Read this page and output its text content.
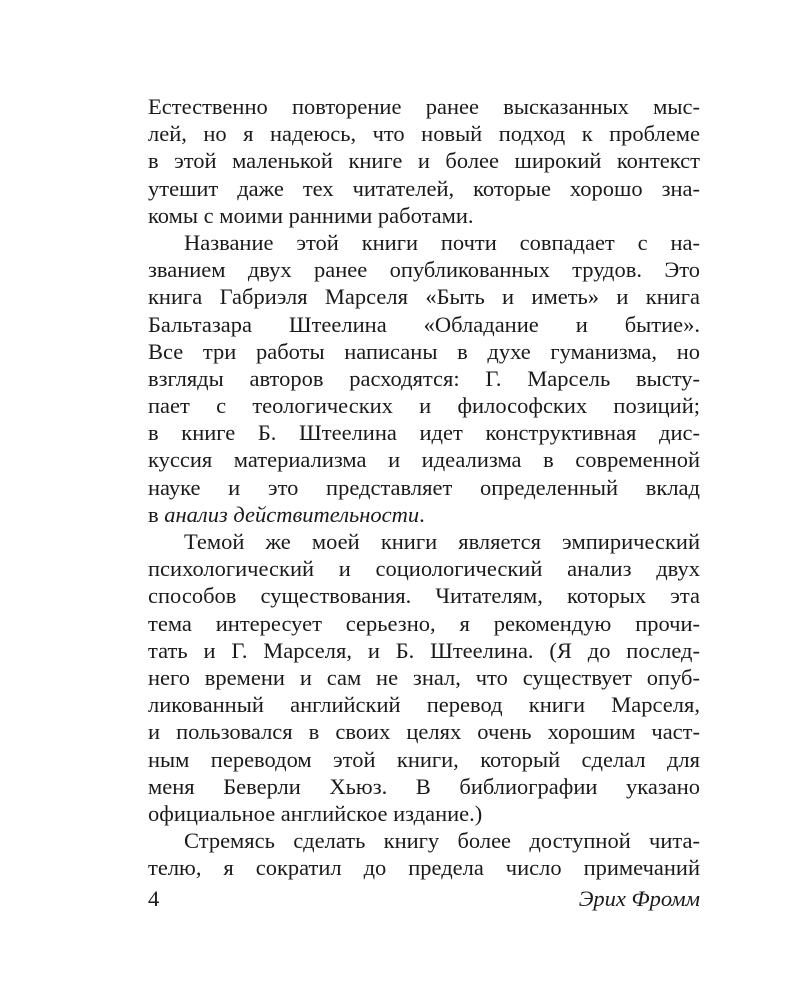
Естественно повторение ранее высказанных мыс-
лей, но я надеюсь, что новый подход к проблеме
в этой маленькой книге и более широкий контекст
утешит даже тех читателей, которые хорошо зна-
комы с моими ранними работами.
Название этой книги почти совпадает с на-
званием двух ранее опубликованных трудов. Это
книга Габриэля Марселя «Быть и иметь» и книга
Бальтазара Штеелина «Обладание и бытие».
Все три работы написаны в духе гуманизма, но
взгляды авторов расходятся: Г. Марсель высту-
пает с теологических и философских позиций;
в книге Б. Штеелина идет конструктивная дис-
куссия материализма и идеализма в современной
науке и это представляет определенный вклад
в анализ действительности.
Темой же моей книги является эмпирический
психологический и социологический анализ двух
способов существования. Читателям, которых эта
тема интересует серьезно, я рекомендую прочи-
тать и Г. Марселя, и Б. Штеелина. (Я до послед-
него времени и сам не знал, что существует опуб-
ликованный английский перевод книги Марселя,
и пользовался в своих целях очень хорошим част-
ным переводом этой книги, который сделал для
меня Беверли Хьюз. В библиографии указано
официальное английское издание.)
Стремясь сделать книгу более доступной чита-
телю, я сократил до предела число примечаний
4	Эрих Фромм
